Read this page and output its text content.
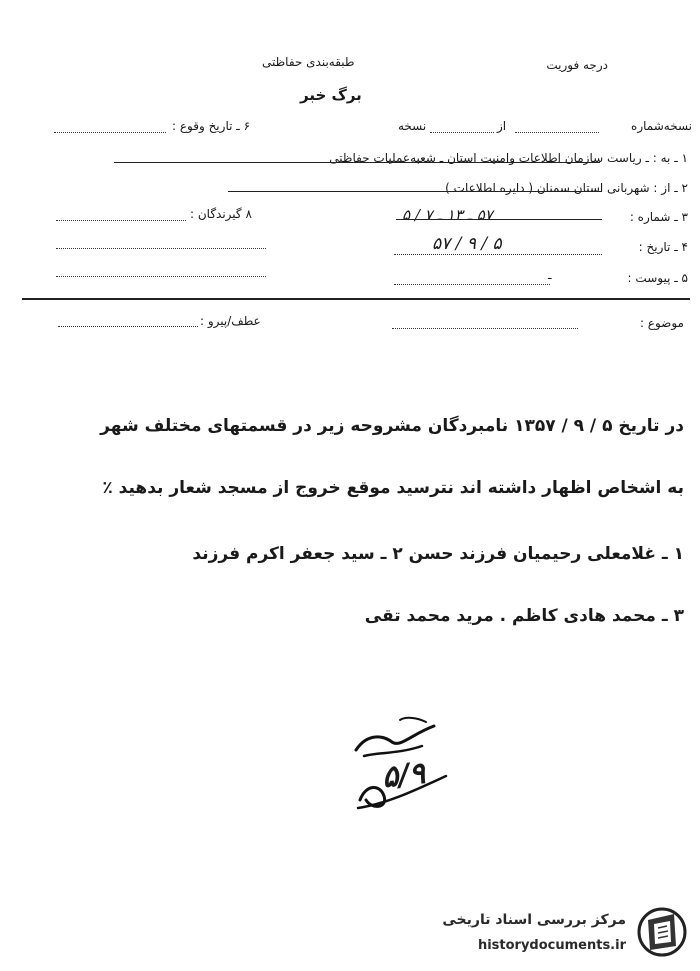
درجه فوریت
طبقه‌بندی حفاظتی
برگ خبر
نسخه‌شماره
از
نسخه
۶ ـ تاریخ وقوع :
۱ ـ به : ـ ریاست سازمان اطلاعات وامنیت استان ـ ‌شعبه‌عملیات حفاظتی
۲ ـ از : شهربانی استان سمنان ( دایره اطلاعات )
۳ ـ شماره :
۵۷ ـ ۱۳ ـ ۷ / ۵
۸ گیرندگان :
۴ ـ تاریخ :
۵ / ۹ / ۵۷
۵ ـ پیوست :
ـ
موضوع :
عطف/پیرو :
در تاریخ ۵ / ۹ / ۱۳۵۷ نامبردگان مشروحه زیر در قسمتهای مختلف شهر
به اشخاص اظهار داشته اند نترسید موقع خروج از مسجد شعار بدهید ٪
۱ ـ غلامعلی رحیمیان فرزند حسن ۲ ـ سید جعفر اکرم فرزند
۳ ـ محمد هادی کاظم . مرید محمد تقی
۵/۹
مرکز بررسی اسناد تاریخی
historydocuments.ir
